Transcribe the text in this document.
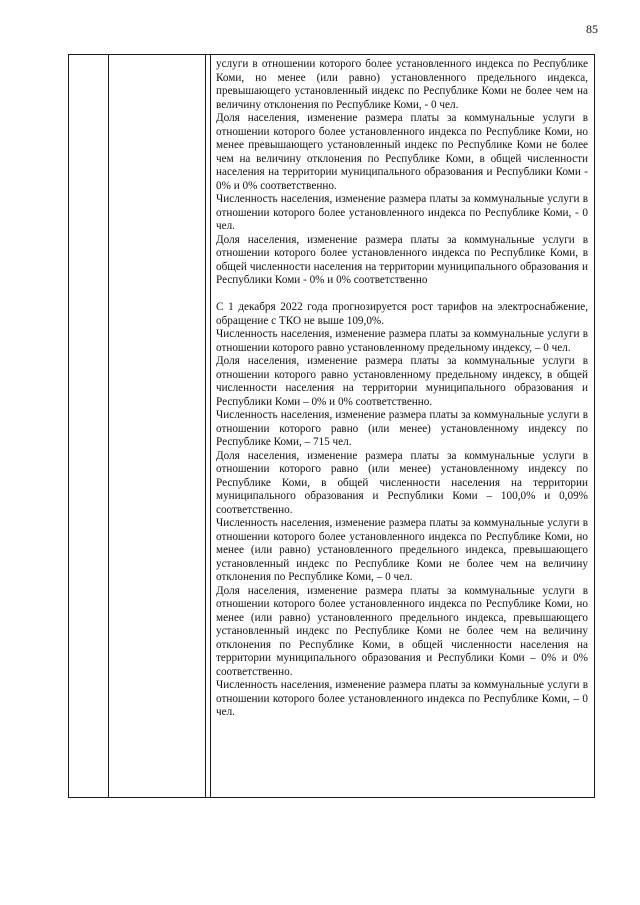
85

услуги в отношении которого более установленного индекса по Республике Коми, но менее (или равно) установленного предельного индекса, превышающего установленный индекс по Республике Коми не более чем на величину отклонения по Республике Коми, - 0 чел.

Доля населения, изменение размера платы за коммунальные услуги в отношении которого более установленного индекса по Республике Коми, но менее превышающего установленный индекс по Республике Коми не более чем на величину отклонения по Республике Коми, в общей численности населения на территории муниципального образования и Республики Коми - 0% и 0% соответственно.

Численность населения, изменение размера платы за коммунальные услуги в отношении которого более установленного индекса по Республике Коми, - 0 чел.

Доля населения, изменение размера платы за коммунальные услуги в отношении которого более установленного индекса по Республике Коми, в общей численности населения на территории муниципального образования и Республики Коми - 0% и 0% соответственно

С 1 декабря 2022 года прогнозируется рост тарифов на электроснабжение, обращение с ТКО не выше 109,0%.

Численность населения, изменение размера платы за коммунальные услуги в отношении которого равно установленному предельному индексу, – 0 чел.

Доля населения, изменение размера платы за коммунальные услуги в отношении которого равно установленному предельному индексу, в общей численности населения на территории муниципального образования и Республики Коми – 0% и 0% соответственно.

Численность населения, изменение размера платы за коммунальные услуги в отношении которого равно (или менее) установленному индексу по Республике Коми, – 715 чел.

Доля населения, изменение размера платы за коммунальные услуги в отношении которого равно (или менее) установленному индексу по Республике Коми, в общей численности населения на территории муниципального образования и Республики Коми – 100,0% и 0,09% соответственно.

Численность населения, изменение размера платы за коммунальные услуги в отношении которого более установленного индекса по Республике Коми, но менее (или равно) установленного предельного индекса, превышающего установленный индекс по Республике Коми не более чем на величину отклонения по Республике Коми, – 0 чел.

Доля населения, изменение размера платы за коммунальные услуги в отношении которого более установленного индекса по Республике Коми, но менее (или равно) установленного предельного индекса, превышающего установленный индекс по Республике Коми не более чем на величину отклонения по Республике Коми, в общей численности населения на территории муниципального образования и Республики Коми – 0% и 0% соответственно.

Численность населения, изменение размера платы за коммунальные услуги в отношении которого более установленного индекса по Республике Коми, – 0 чел.
